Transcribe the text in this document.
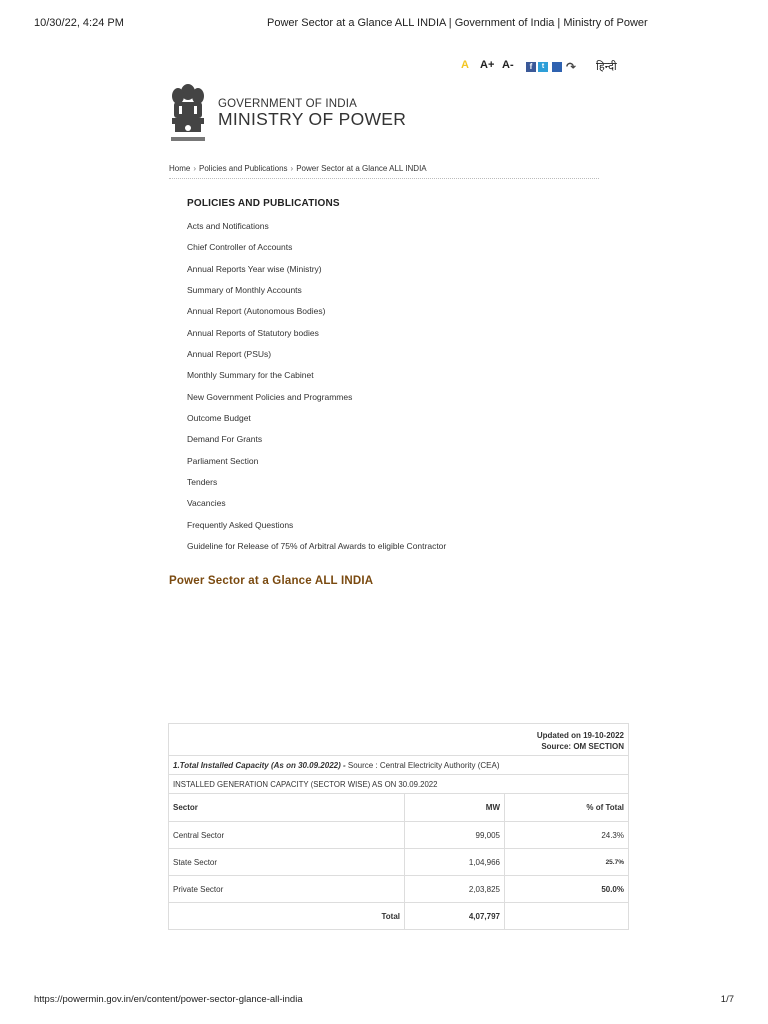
10/30/22, 4:24 PM	Power Sector at a Glance ALL INDIA | Government of India | Ministry of Power
A A+ A-	f	t	↷ हिन्दी
GOVERNMENT OF INDIA
MINISTRY OF POWER
Home › Policies and Publications › Power Sector at a Glance ALL INDIA
POLICIES AND PUBLICATIONS
Acts and Notifications
Chief Controller of Accounts
Annual Reports Year wise (Ministry)
Summary of Monthly Accounts
Annual Report (Autonomous Bodies)
Annual Reports of Statutory bodies
Annual Report (PSUs)
Monthly Summary for the Cabinet
New Government Policies and Programmes
Outcome Budget
Demand For Grants
Parliament Section
Tenders
Vacancies
Frequently Asked Questions
Guideline for Release of 75% of Arbitral Awards to eligible Contractor
Power Sector at a Glance ALL INDIA
Updated on 19-10-2022
Source: OM SECTION		

1.Total Installed Capacity (As on 30.09.2022) - Source : Central Electricity Authority (CEA)		
INSTALLED GENERATION CAPACITY (SECTOR WISE) AS ON 30.09.2022		
Sector	MW	% of Total
Central Sector	99,005	24.3%
State Sector	1,04,966	25.7%
Private Sector	2,03,825	50.0%
Total	4,07,797	
https://powermin.gov.in/en/content/power-sector-glance-all-india	1/7
